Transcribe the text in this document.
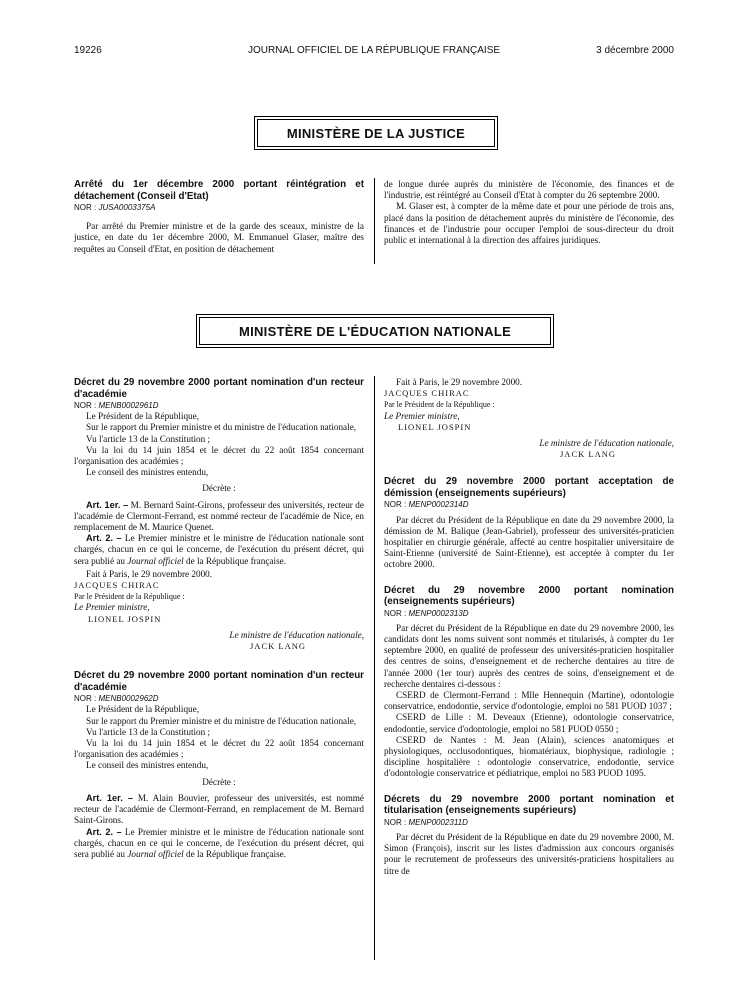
19226	JOURNAL OFFICIEL DE LA RÉPUBLIQUE FRANÇAISE	3 décembre 2000
MINISTÈRE DE LA JUSTICE

Arrêté du 1er décembre 2000 portant réintégration et détachement (Conseil d'Etat)

NOR : JUSA0003375A

Par arrêté du Premier ministre et de la garde des sceaux, ministre de la justice, en date du 1er décembre 2000, M. Emmanuel Glaser, maître des requêtes au Conseil d'Etat, en position de détachement

de longue durée auprès du ministère de l'économie, des finances et de l'industrie, est réintégré au Conseil d'Etat à compter du 26 septembre 2000.

M. Glaser est, à compter de la même date et pour une période de trois ans, placé dans la position de détachement auprès du ministère de l'économie, des finances et de l'industrie pour occuper l'emploi de sous-directeur du droit public et international à la direction des affaires juridiques.

MINISTÈRE DE L'ÉDUCATION NATIONALE

Décret du 29 novembre 2000 portant nomination d'un recteur d'académie

NOR : MENB0002961D

Le Président de la République,

Sur le rapport du Premier ministre et du ministre de l'éducation nationale,

Vu l'article 13 de la Constitution ;

Vu la loi du 14 juin 1854 et le décret du 22 août 1854 concernant l'organisation des académies ;

Le conseil des ministres entendu,

Décrète :

Art. 1er. – M. Bernard Saint-Girons, professeur des universités, recteur de l'académie de Clermont-Ferrand, est nommé recteur de l'académie de Nice, en remplacement de M. Maurice Quenet.

Art. 2. – Le Premier ministre et le ministre de l'éducation nationale sont chargés, chacun en ce qui le concerne, de l'exécution du présent décret, qui sera publié au Journal officiel de la République française.

Fait à Paris, le 29 novembre 2000.

JACQUES CHIRAC

Par le Président de la République :

Le Premier ministre,

LIONEL JOSPIN

Le ministre de l'éducation nationale,

JACK LANG

Décret du 29 novembre 2000 portant nomination d'un recteur d'académie

NOR : MENB0002962D

Le Président de la République,

Sur le rapport du Premier ministre et du ministre de l'éducation nationale,

Vu l'article 13 de la Constitution ;

Vu la loi du 14 juin 1854 et le décret du 22 août 1854 concernant l'organisation des académies ;

Le conseil des ministres entendu,

Décrète :

Art. 1er. – M. Alain Bouvier, professeur des universités, est nommé recteur de l'académie de Clermont-Ferrand, en remplacement de M. Bernard Saint-Girons.

Art. 2. – Le Premier ministre et le ministre de l'éducation nationale sont chargés, chacun en ce qui le concerne, de l'exécution du présent décret, qui sera publié au Journal officiel de la République française.

Fait à Paris, le 29 novembre 2000.

JACQUES CHIRAC

Par le Président de la République :

Le Premier ministre,

LIONEL JOSPIN

Le ministre de l'éducation nationale,

JACK LANG

Décret du 29 novembre 2000 portant acceptation de démission (enseignements supérieurs)

NOR : MENP0002314D

Par décret du Président de la République en date du 29 novembre 2000, la démission de M. Balique (Jean-Gabriel), professeur des universités-praticien hospitalier en chirurgie générale, affecté au centre hospitalier universitaire de Saint-Etienne (université de Saint-Etienne), est acceptée à compter du 1er octobre 2000.

Décret du 29 novembre 2000 portant nomination (enseignements supérieurs)

NOR : MENP0002313D

Par décret du Président de la République en date du 29 novembre 2000, les candidats dont les noms suivent sont nommés et titularisés, à compter du 1er septembre 2000, en qualité de professeur des universités-praticien hospitalier des centres de soins, d'enseignement et de recherche dentaires au titre de l'année 2000 (1er tour) auprès des centres de soins, d'enseignement et de recherche dentaires ci-dessous :

CSERD de Clermont-Ferrand : Mlle Hennequin (Martine), odontologie conservatrice, endodontie, service d'odontologie, emploi no 581 PUOD 1037 ;

CSERD de Lille : M. Deveaux (Etienne), odontologie conservatrice, endodontie, service d'odontologie, emploi no 581 PUOD 0550 ;

CSERD de Nantes : M. Jean (Alain), sciences anatomiques et physiologiques, occlusodontiques, biomatériaux, biophysique, radiologie ; discipline hospitalière : odontologie conservatrice, endodontie, service d'odontologie conservatrice et pédiatrique, emploi no 583 PUOD 1095.

Décrets du 29 novembre 2000 portant nomination et titularisation (enseignements supérieurs)

NOR : MENP0002311D

Par décret du Président de la République en date du 29 novembre 2000, M. Simon (François), inscrit sur les listes d'admission aux concours organisés pour le recrutement de professeurs des universités-praticiens hospitaliers au titre de
